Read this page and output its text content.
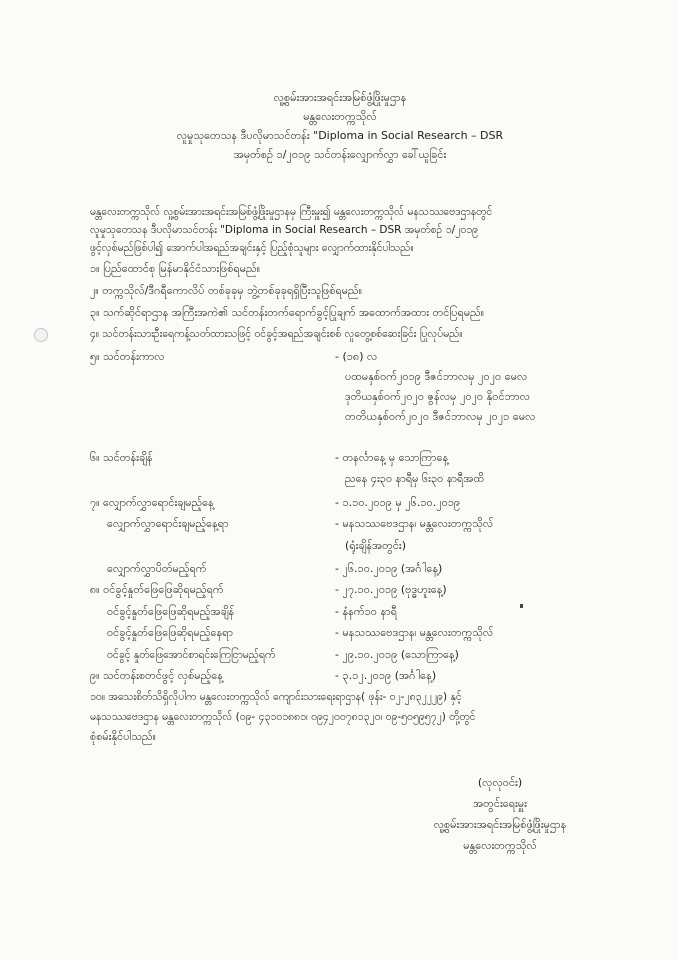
လူ့စွမ်းအားအရင်းအမြစ်ဖွံ့ဖြိုးမှုဌာန
မန္တလေးတက္ကသိုလ်
လူမှုသုတေသန ဒီပလိုမာသင်တန်း "Diploma in Social Research – DSR
အမှတ်စဉ် ၁/၂၀၁၉ သင်တန်းလျှောက်လွှာ ခေါ်ယူခြင်း
မန္တလေးတက္ကသိုလ် လူ့စွမ်းအားအရင်းအမြစ်ဖွံ့ဖြိုးမှုဌာနမှ ကြီးမှူး၍ မန္တလေးတက္ကသိုလ် မနသဿဗေဒဌာနတွင်
လူမှုသုတေသန ဒီပလိုမာသင်တန်း "Diploma in Social Research – DSR အမှတ်စဉ် ၁/၂၀၁၉
ဖွင့်လှစ်မည်ဖြစ်ပါ၍ အောက်ပါအရည်အချင်းနှင့် ပြည့်စုံသူများ လျှောက်ထားနိုင်ပါသည်။
၁။ ပြည်ထောင်စု မြန်မာနိုင်ငံသားဖြစ်ရမည်။
၂။ တက္ကသိုလ်/ဒီဂရီကောလိပ် တစ်ခုခုမှ ဘွဲ့တစ်ခုခုရရှိပြီးသူဖြစ်ရမည်။
၃။ သက်ဆိုင်ရာဌာန အကြီးအကဲ၏ သင်တန်းတက်ရောက်ခွင့်ပြုချက် အထောက်အထား တင်ပြရမည်။
၄။ သင်တန်းသားဦးရေကန့်သတ်ထားသဖြင့် ဝင်ခွင့်အရည်အချင်းစစ် လူတွေ့စစ်ဆေးခြင်း ပြုလုပ်မည်။
၅။ သင်တန်းကာလ	- (၁၈) လ
ပထမနှစ်ဝက်၂၀၁၉ ဒီဇင်ဘာလမှ ၂၀၂၀ မေလ
ဒုတိယနှစ်ဝက်၂၀၂၀ ဇွန်လမှ ၂၀၂၀ နိုဝင်ဘာလ
တတိယနှစ်ဝက်၂၀၂၀ ဒီဇင်ဘာလမှ ၂၀၂၁ မေလ
၆။ သင်တန်းချိန်	- တနင်္လာနေ့ မှ သောကြာနေ့
ညနေ ၄း၃၀ နာရီမှ ၆း၃၀ နာရီအထိ
၇။ လျှောက်လွှာရောင်းချမည့်နေ့	- ၁.၁၀.၂၀၁၉ မှ ၂၆.၁၀.၂၀၁၉
လျှောက်လွှာရောင်းချမည့်နေ့ရာ	- မနသဿဗေဒဌာန၊ မန္တလေးတက္ကသိုလ်
(ရုံးချိန်အတွင်း)
လျှောက်လွှာပိတ်မည့်ရက်	- ၂၆.၁၀.၂၀၁၉ (အင်္ဂါနေ့)
၈။ ဝင်ခွင့်နှုတ်ဖြေဖြေဆိုရမည့်ရက်	- ၂၇.၁၀.၂၀၁၉ (ဗုဒ္ဓဟူးနေ့)
ဝင်ခွင့်နှုတ်ဖြေဖြေဆိုရမည့်အချိန်	- နံနက်၁၀ နာရီ
ဝင်ခွင့်နှုတ်ဖြေဖြေဆိုရမည့်နေရာ	- မနသဿဗေဒဌာန၊ မန္တလေးတက္ကသိုလ်
ဝင်ခွင့် နှုတ်ဖြေအောင်စာရင်းကြေငြာမည့်ရက်	- ၂၉.၁၀.၂၀၁၉ (သောကြာနေ့)
၉။ သင်တန်းစတင်ဖွင့် လှစ်မည့်နေ့	- ၃.၁၂.၂၀၁၉ (အင်္ဂါနေ့)
၁၀။ အသေးစိတ်သိရှိလိုပါက မန္တလေးတက္ကသိုလ် ကျောင်းသားရေးရာဌာန( ဖုန်း- ၀၂-၂၈၃၂၂၂၉) နှင့်
မနသဿဗေဒဌာန မန္တလေးတက္ကသိုလ် (၀၉- ၄၃၁၀၁၈၈၁၊ ၀၉၄၂၀၀၇၈၁၃၂၀၊ ၀၉-၅၀၅၉၅၇၂) တို့တွင်
စုံစမ်းနိုင်ပါသည်။
(လုလုဝင်း)
အတွင်းရေးမှူး
လူ့စွမ်းအားအရင်းအမြစ်ဖွံ့ဖြိုးမှုဌာန
မန္တလေးတက္ကသိုလ်
